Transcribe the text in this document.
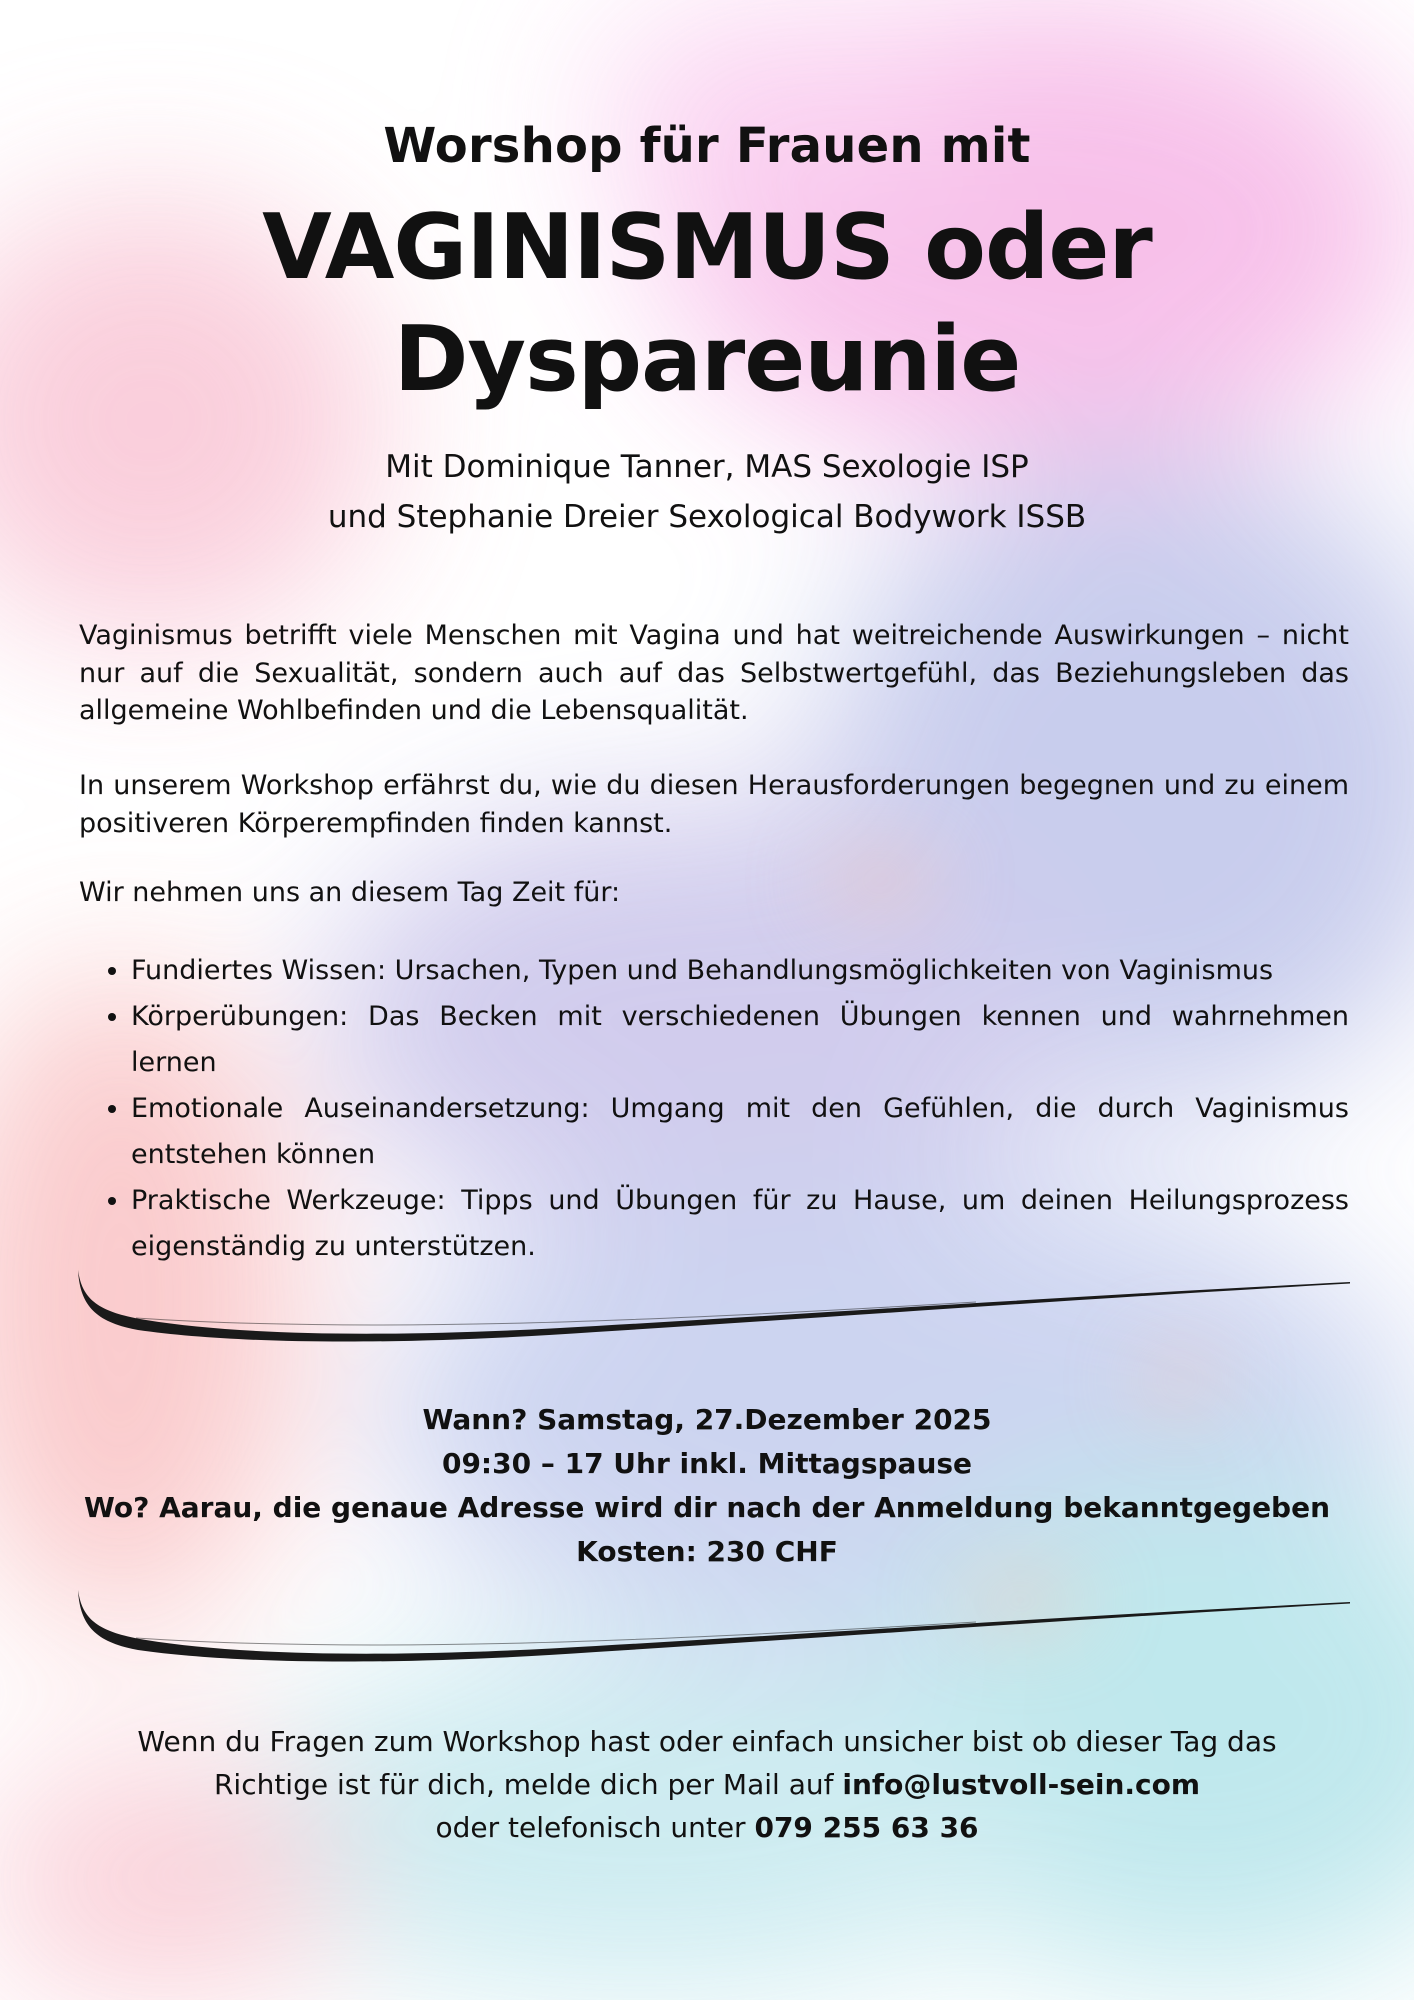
Worshop für Frauen mit
VAGINISMUS oder
Dyspareunie
Mit Dominique Tanner, MAS Sexologie ISP
und Stephanie Dreier Sexological Bodywork ISSB

Vaginismus betrifft viele Menschen mit Vagina und hat weitreichende Auswirkungen – nicht nur auf die Sexualität, sondern auch auf das Selbstwertgefühl, das Beziehungsleben das allgemeine Wohlbefinden und die Lebensqualität.

In unserem Workshop erfährst du, wie du diesen Herausforderungen begegnen und zu einem positiveren Körperempfinden finden kannst.

Wir nehmen uns an diesem Tag Zeit für:

• Fundiertes Wissen: Ursachen, Typen und Behandlungsmöglichkeiten von Vaginismus
• Körperübungen: Das Becken mit verschiedenen Übungen kennen und wahrnehmen lernen
• Emotionale Auseinandersetzung: Umgang mit den Gefühlen, die durch Vaginismus entstehen können
• Praktische Werkzeuge: Tipps und Übungen für zu Hause, um deinen Heilungsprozess eigenständig zu unterstützen.
Wann? Samstag, 27.Dezember 2025
09:30 – 17 Uhr inkl. Mittagspause
Wo? Aarau, die genaue Adresse wird dir nach der Anmeldung bekanntgegeben
Kosten: 230 CHF
Wenn du Fragen zum Workshop hast oder einfach unsicher bist ob dieser Tag das
Richtige ist für dich, melde dich per Mail auf info@lustvoll-sein.com
oder telefonisch unter 079 255 63 36
